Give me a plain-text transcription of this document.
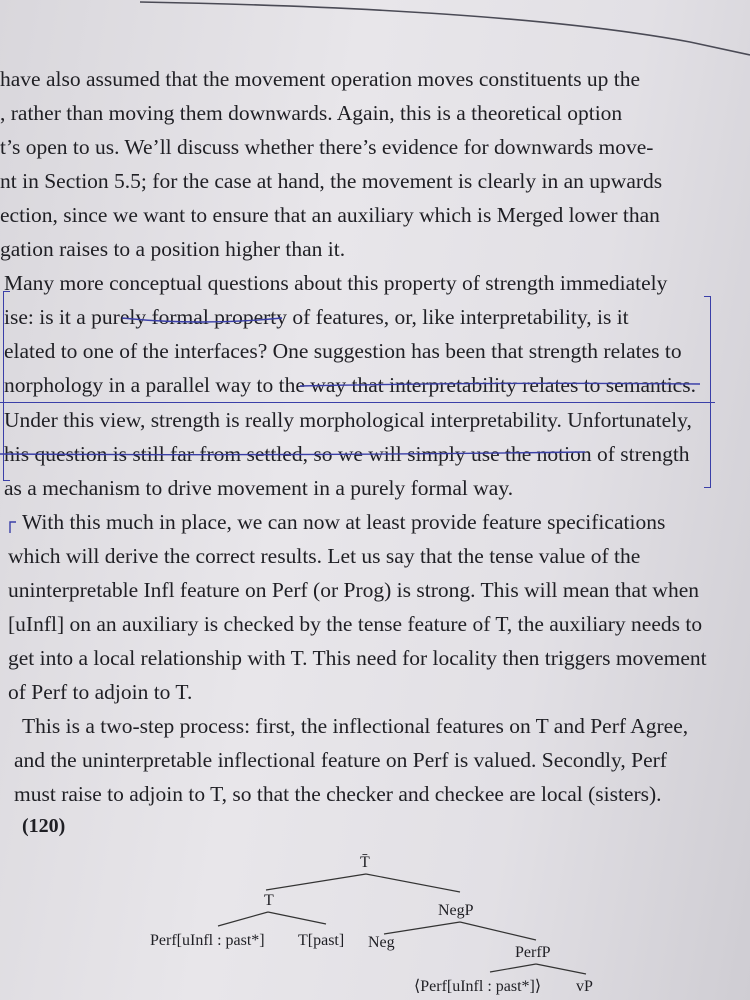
have also assumed that the movement operation moves constituents up the
, rather than moving them downwards. Again, this is a theoretical option
t’s open to us. We’ll discuss whether there’s evidence for downwards move-
nt in Section 5.5; for the case at hand, the movement is clearly in an upwards
ection, since we want to ensure that an auxiliary which is Merged lower than
gation raises to a position higher than it.
Many more conceptual questions about this property of strength immediately
ise: is it a purely formal property of features, or, like interpretability, is it
elated to one of the interfaces? One suggestion has been that strength relates to
norphology in a parallel way to the way that interpretability relates to semantics.
Under this view, strength is really morphological interpretability. Unfortunately,
his question is still far from settled, so we will simply use the notion of strength
as a mechanism to drive movement in a purely formal way.
With this much in place, we can now at least provide feature specifications
which will derive the correct results. Let us say that the tense value of the
uninterpretable Infl feature on Perf (or Prog) is strong. This will mean that when
[uInfl] on an auxiliary is checked by the tense feature of T, the auxiliary needs to
get into a local relationship with T. This need for locality then triggers movement
of Perf to adjoin to T.
This is a two-step process: first, the inflectional features on T and Perf Agree,
and the uninterpretable inflectional feature on Perf is valued. Secondly, Perf
must raise to adjoin to T, so that the checker and checkee are local (sisters).
(120)
T̄
T
NegP
Perf[uInfl : past*] T[past] Neg
PerfP
⟨Perf[uInfl : past*]⟩ vP
